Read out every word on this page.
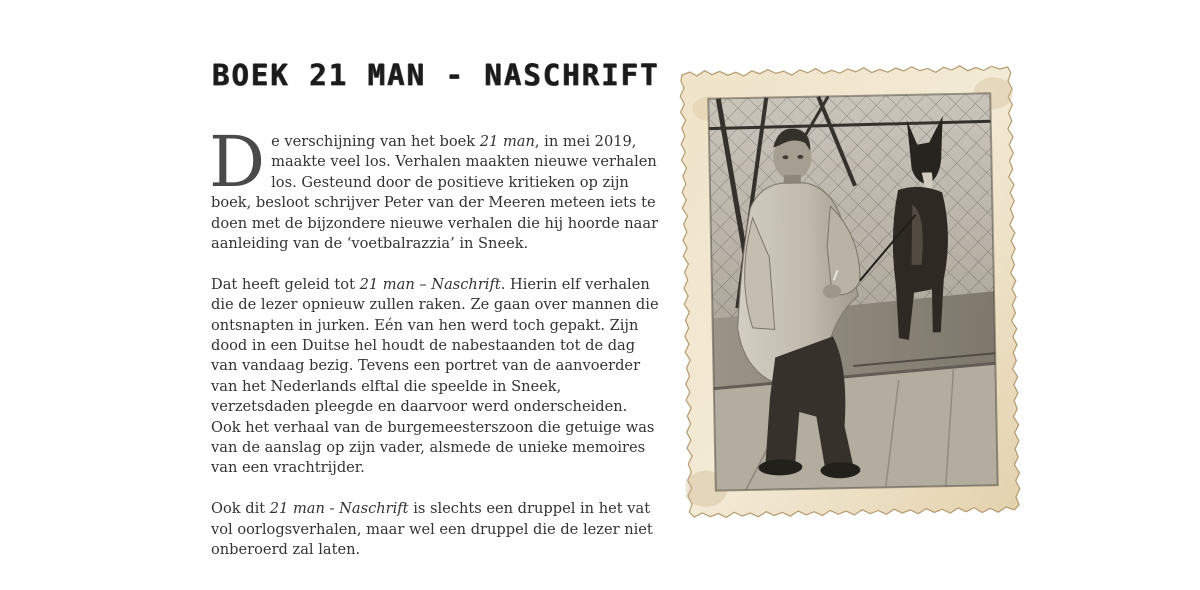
BOEK 21 MAN - NASCHRIFT

De verschijning van het boek 21 man, in mei 2019, maakte veel los. Verhalen maakten nieuwe verhalen los. Gesteund door de positieve kritieken op zijn boek, besloot schrijver Peter van der Meeren meteen iets te doen met de bijzondere nieuwe verhalen die hij hoorde naar aanleiding van de ‘voetbalrazzia’ in Sneek.

Dat heeft geleid tot 21 man – Naschrift. Hierin elf verhalen die de lezer opnieuw zullen raken. Ze gaan over mannen die ontsnapten in jurken. Eén van hen werd toch gepakt. Zijn dood in een Duitse hel houdt de nabestaanden tot de dag van vandaag bezig. Tevens een portret van de aanvoerder van het Nederlands elftal die speelde in Sneek, verzetsdaden pleegde en daarvoor werd onderscheiden. Ook het verhaal van de burgemeesterszoon die getuige was van de aanslag op zijn vader, alsmede de unieke memoires van een vrachtrijder.

Ook dit 21 man - Naschrift is slechts een druppel in het vat vol oorlogsverhalen, maar wel een druppel die de lezer niet onberoerd zal laten.
